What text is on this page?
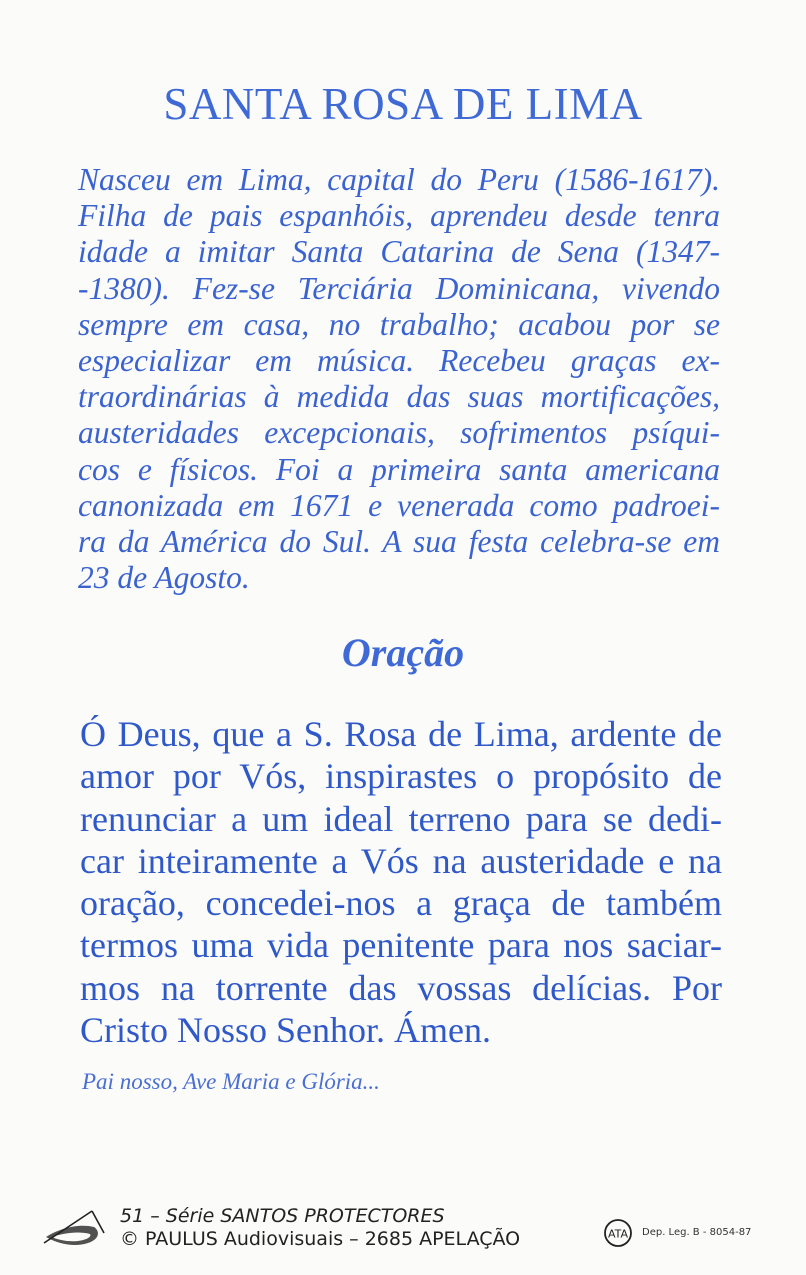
SANTA ROSA DE LIMA
Nasceu em Lima, capital do Peru (1586-1617).
Filha de pais espanhóis, aprendeu desde tenra
idade a imitar Santa Catarina de Sena (1347-
-1380). Fez-se Terciária Dominicana, vivendo
sempre em casa, no trabalho; acabou por se
especializar em música. Recebeu graças ex-
traordinárias à medida das suas mortificações,
austeridades excepcionais, sofrimentos psíqui-
cos e físicos. Foi a primeira santa americana
canonizada em 1671 e venerada como padroei-
ra da América do Sul. A sua festa celebra-se em
23 de Agosto.
Oração
Ó Deus, que a S. Rosa de Lima, ardente de
amor por Vós, inspirastes o propósito de
renunciar a um ideal terreno para se dedi-
car inteiramente a Vós na austeridade e na
oração, concedei-nos a graça de também
termos uma vida penitente para nos saciar-
mos na torrente das vossas delícias. Por
Cristo Nosso Senhor. Ámen.
Pai nosso, Ave Maria e Glória...
51 – Série SANTOS PROTECTORES
© PAULUS Audiovisuais – 2685 APELAÇÃO	ATA Dep. Leg. B - 8054-87
